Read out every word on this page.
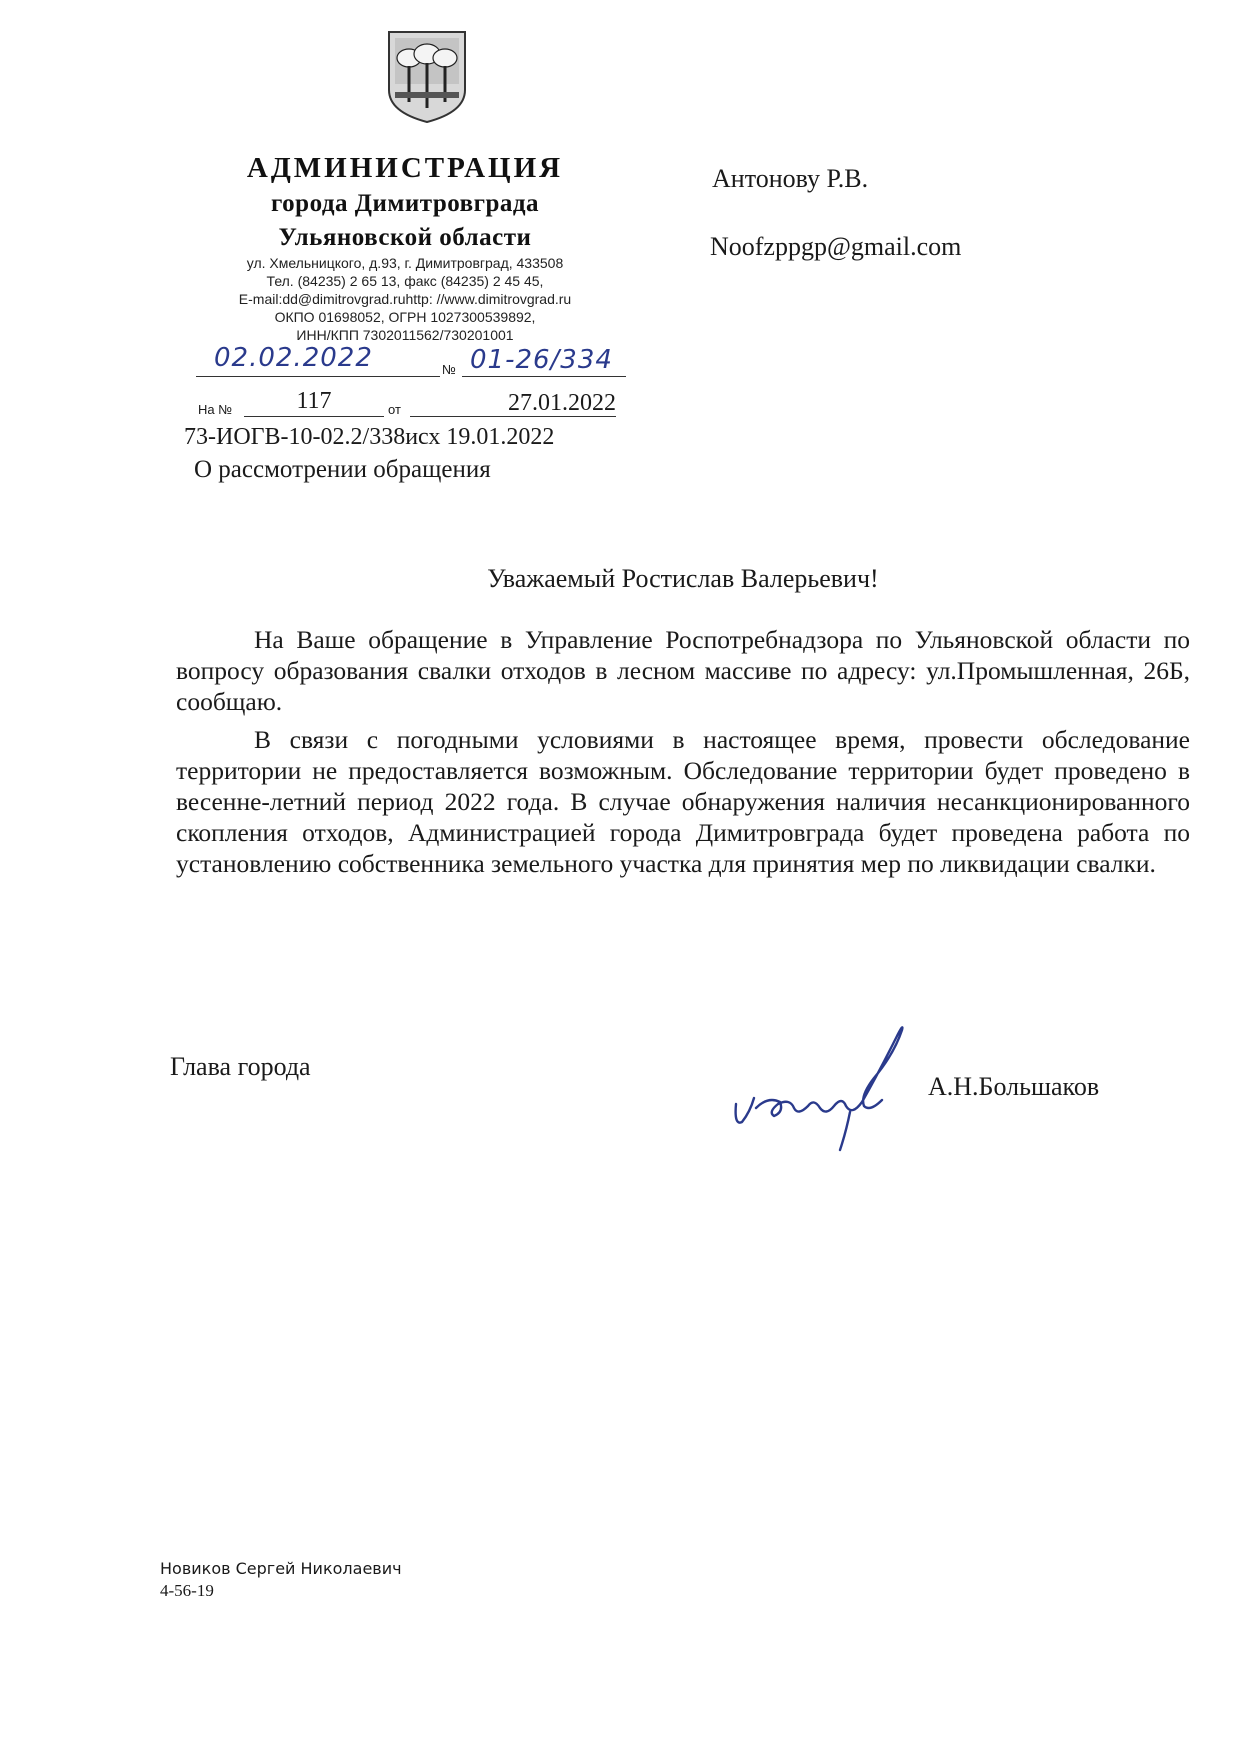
АДМИНИСТРАЦИЯ
города Димитровграда
Ульяновской области
ул. Хмельницкого, д.93, г. Димитровград, 433508
Тел. (84235) 2 65 13, факс (84235) 2 45 45,
E-mail:dd@dimitrovgrad.ruhttp: //www.dimitrovgrad.ru
ОКПО 01698052, ОГРН 1027300539892,
ИНН/КПП 7302011562/730201001
02.02.2022	№ 01-26/334
На №	117	от	27.01.2022
73-ИОГВ-10-02.2/338исх 19.01.2022
О рассмотрении обращения
Антонову Р.В.
Noofzppgp@gmail.com
Уважаемый Ростислав Валерьевич!
На Ваше обращение в Управление Роспотребнадзора по Ульяновской области по вопросу образования свалки отходов в лесном массиве по адресу: ул.Промышленная, 26Б, сообщаю.
В связи с погодными условиями в настоящее время, провести обследование территории не предоставляется возможным. Обследование территории будет проведено в весенне-летний период 2022 года. В случае обнаружения наличия несанкционированного скопления отходов, Администрацией города Димитровграда будет проведена работа по установлению собственника земельного участка для принятия мер по ликвидации свалки.
Глава города
А.Н.Большаков
Новиков Сергей Николаевич
4-56-19
